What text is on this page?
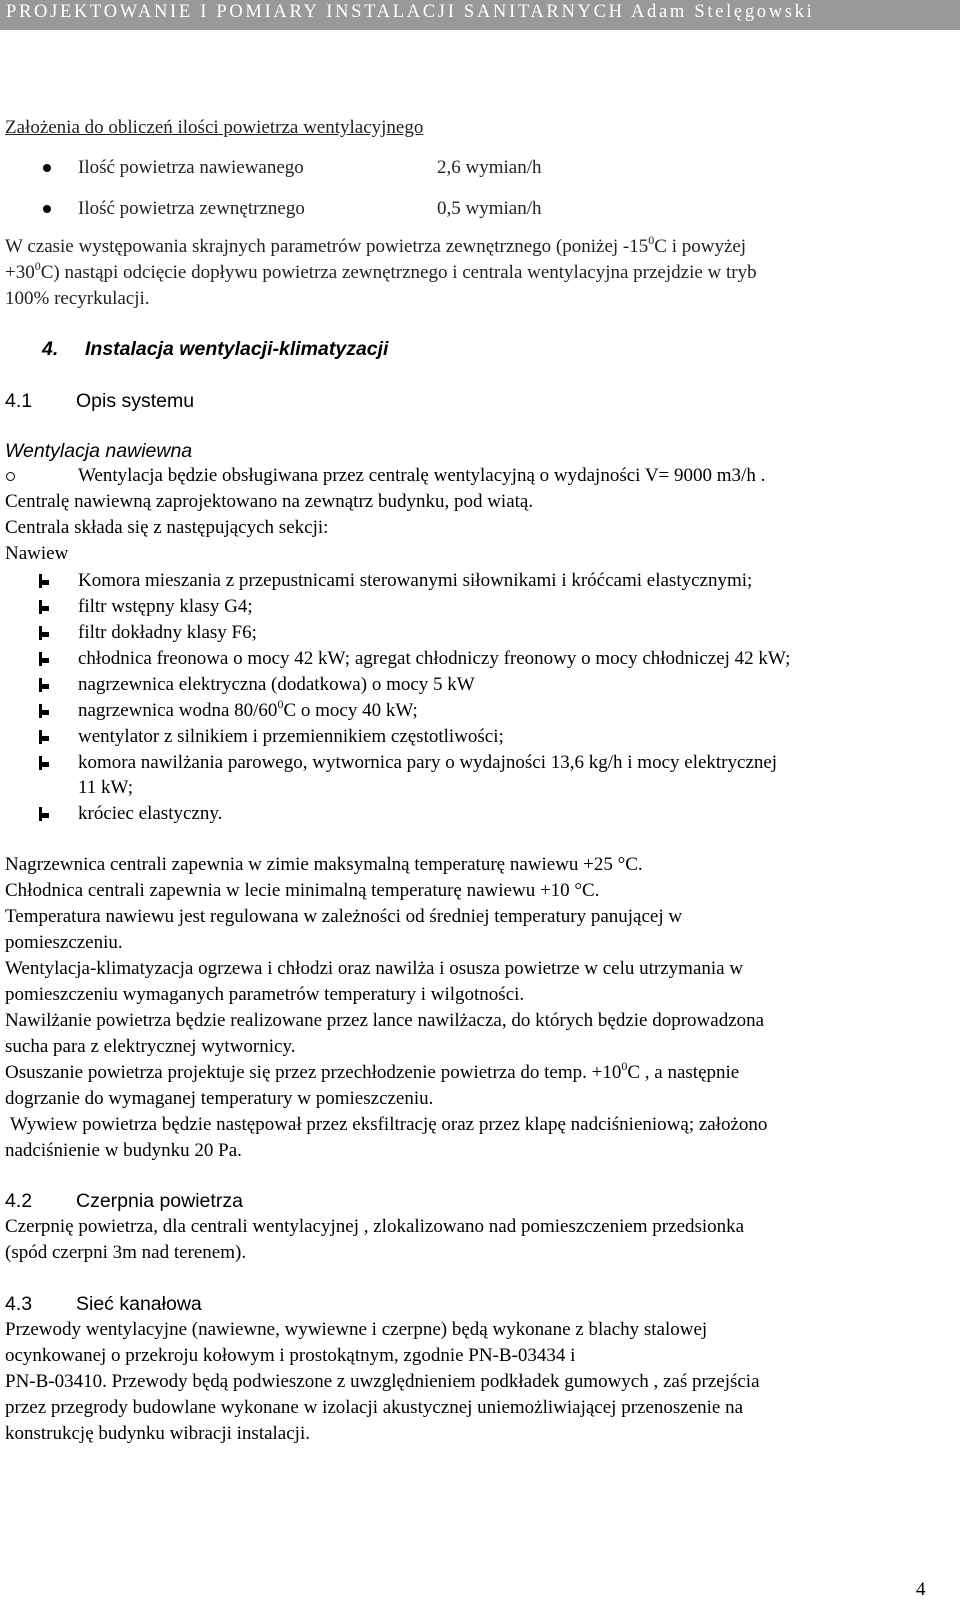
PROJEKTOWANIE I POMIARY INSTALACJI SANITARNYCH Adam Stelęgowski
Założenia do obliczeń ilości powietrza wentylacyjnego
Ilość powietrza nawiewanego	2,6 wymian/h
Ilość powietrza zewnętrznego	0,5 wymian/h
W czasie występowania skrajnych parametrów powietrza zewnętrznego (poniżej $-15^0C$ i powyżej
$+30^0C$) nastąpi odcięcie dopływu powietrza zewnętrznego i centrala wentylacyjna przejdzie w tryb
100% recyrkulacji.
4. Instalacja wentylacji-klimatyzacji
4.1 Opis systemu
Wentylacja nawiewna
Wentylacja będzie obsługiwana przez centralę wentylacyjną o wydajności V= 9000 m3/h .
Centralę nawiewną zaprojektowano na zewnątrz budynku, pod wiatą.
Centrala składa się z następujących sekcji:
Nawiew
Komora mieszania z przepustnicami sterowanymi siłownikami i króćcami elastycznymi;
filtr wstępny klasy G4;
filtr dokładny klasy F6;
chłodnica freonowa o mocy 42 kW; agregat chłodniczy freonowy o mocy chłodniczej 42 kW;
nagrzewnica elektryczna (dodatkowa) o mocy 5 kW
nagrzewnica wodna $80/60^0C$ o mocy 40 kW;
wentylator z silnikiem i przemiennikiem częstotliwości;
komora nawilżania parowego, wytwornica pary o wydajności 13,6 kg/h i mocy elektrycznej
11 kW;
króciec elastyczny.
Nagrzewnica centrali zapewnia w zimie maksymalną temperaturę nawiewu +25 °C.
Chłodnica centrali zapewnia w lecie minimalną temperaturę nawiewu +10 °C.
Temperatura nawiewu jest regulowana w zależności od średniej temperatury panującej w
pomieszczeniu.
Wentylacja-klimatyzacja ogrzewa i chłodzi oraz nawilża i osusza powietrze w celu utrzymania w
pomieszczeniu wymaganych parametrów temperatury i wilgotności.
Nawilżanie powietrza będzie realizowane przez lance nawilżacza, do których będzie doprowadzona
sucha para z elektrycznej wytwornicy.
Osuszanie powietrza projektuje się przez przechłodzenie powietrza do temp. $+10^0C$ , a następnie
dogrzanie do wymaganej temperatury w pomieszczeniu.
Wywiew powietrza będzie następował przez eksfiltrację oraz przez klapę nadciśnieniową; założono
nadciśnienie w budynku 20 Pa.
4.2 Czerpnia powietrza
Czerpnię powietrza, dla centrali wentylacyjnej , zlokalizowano nad pomieszczeniem przedsionka
(spód czerpni 3m nad terenem).
4.3 Sieć kanałowa
Przewody wentylacyjne (nawiewne, wywiewne i czerpne) będą wykonane z blachy stalowej
ocynkowanej o przekroju kołowym i prostokątnym, zgodnie PN-B-03434 i
PN-B-03410. Przewody będą podwieszone z uwzględnieniem podkładek gumowych , zaś przejścia
przez przegrody budowlane wykonane w izolacji akustycznej uniemożliwiającej przenoszenie na
konstrukcję budynku wibracji instalacji.
4
